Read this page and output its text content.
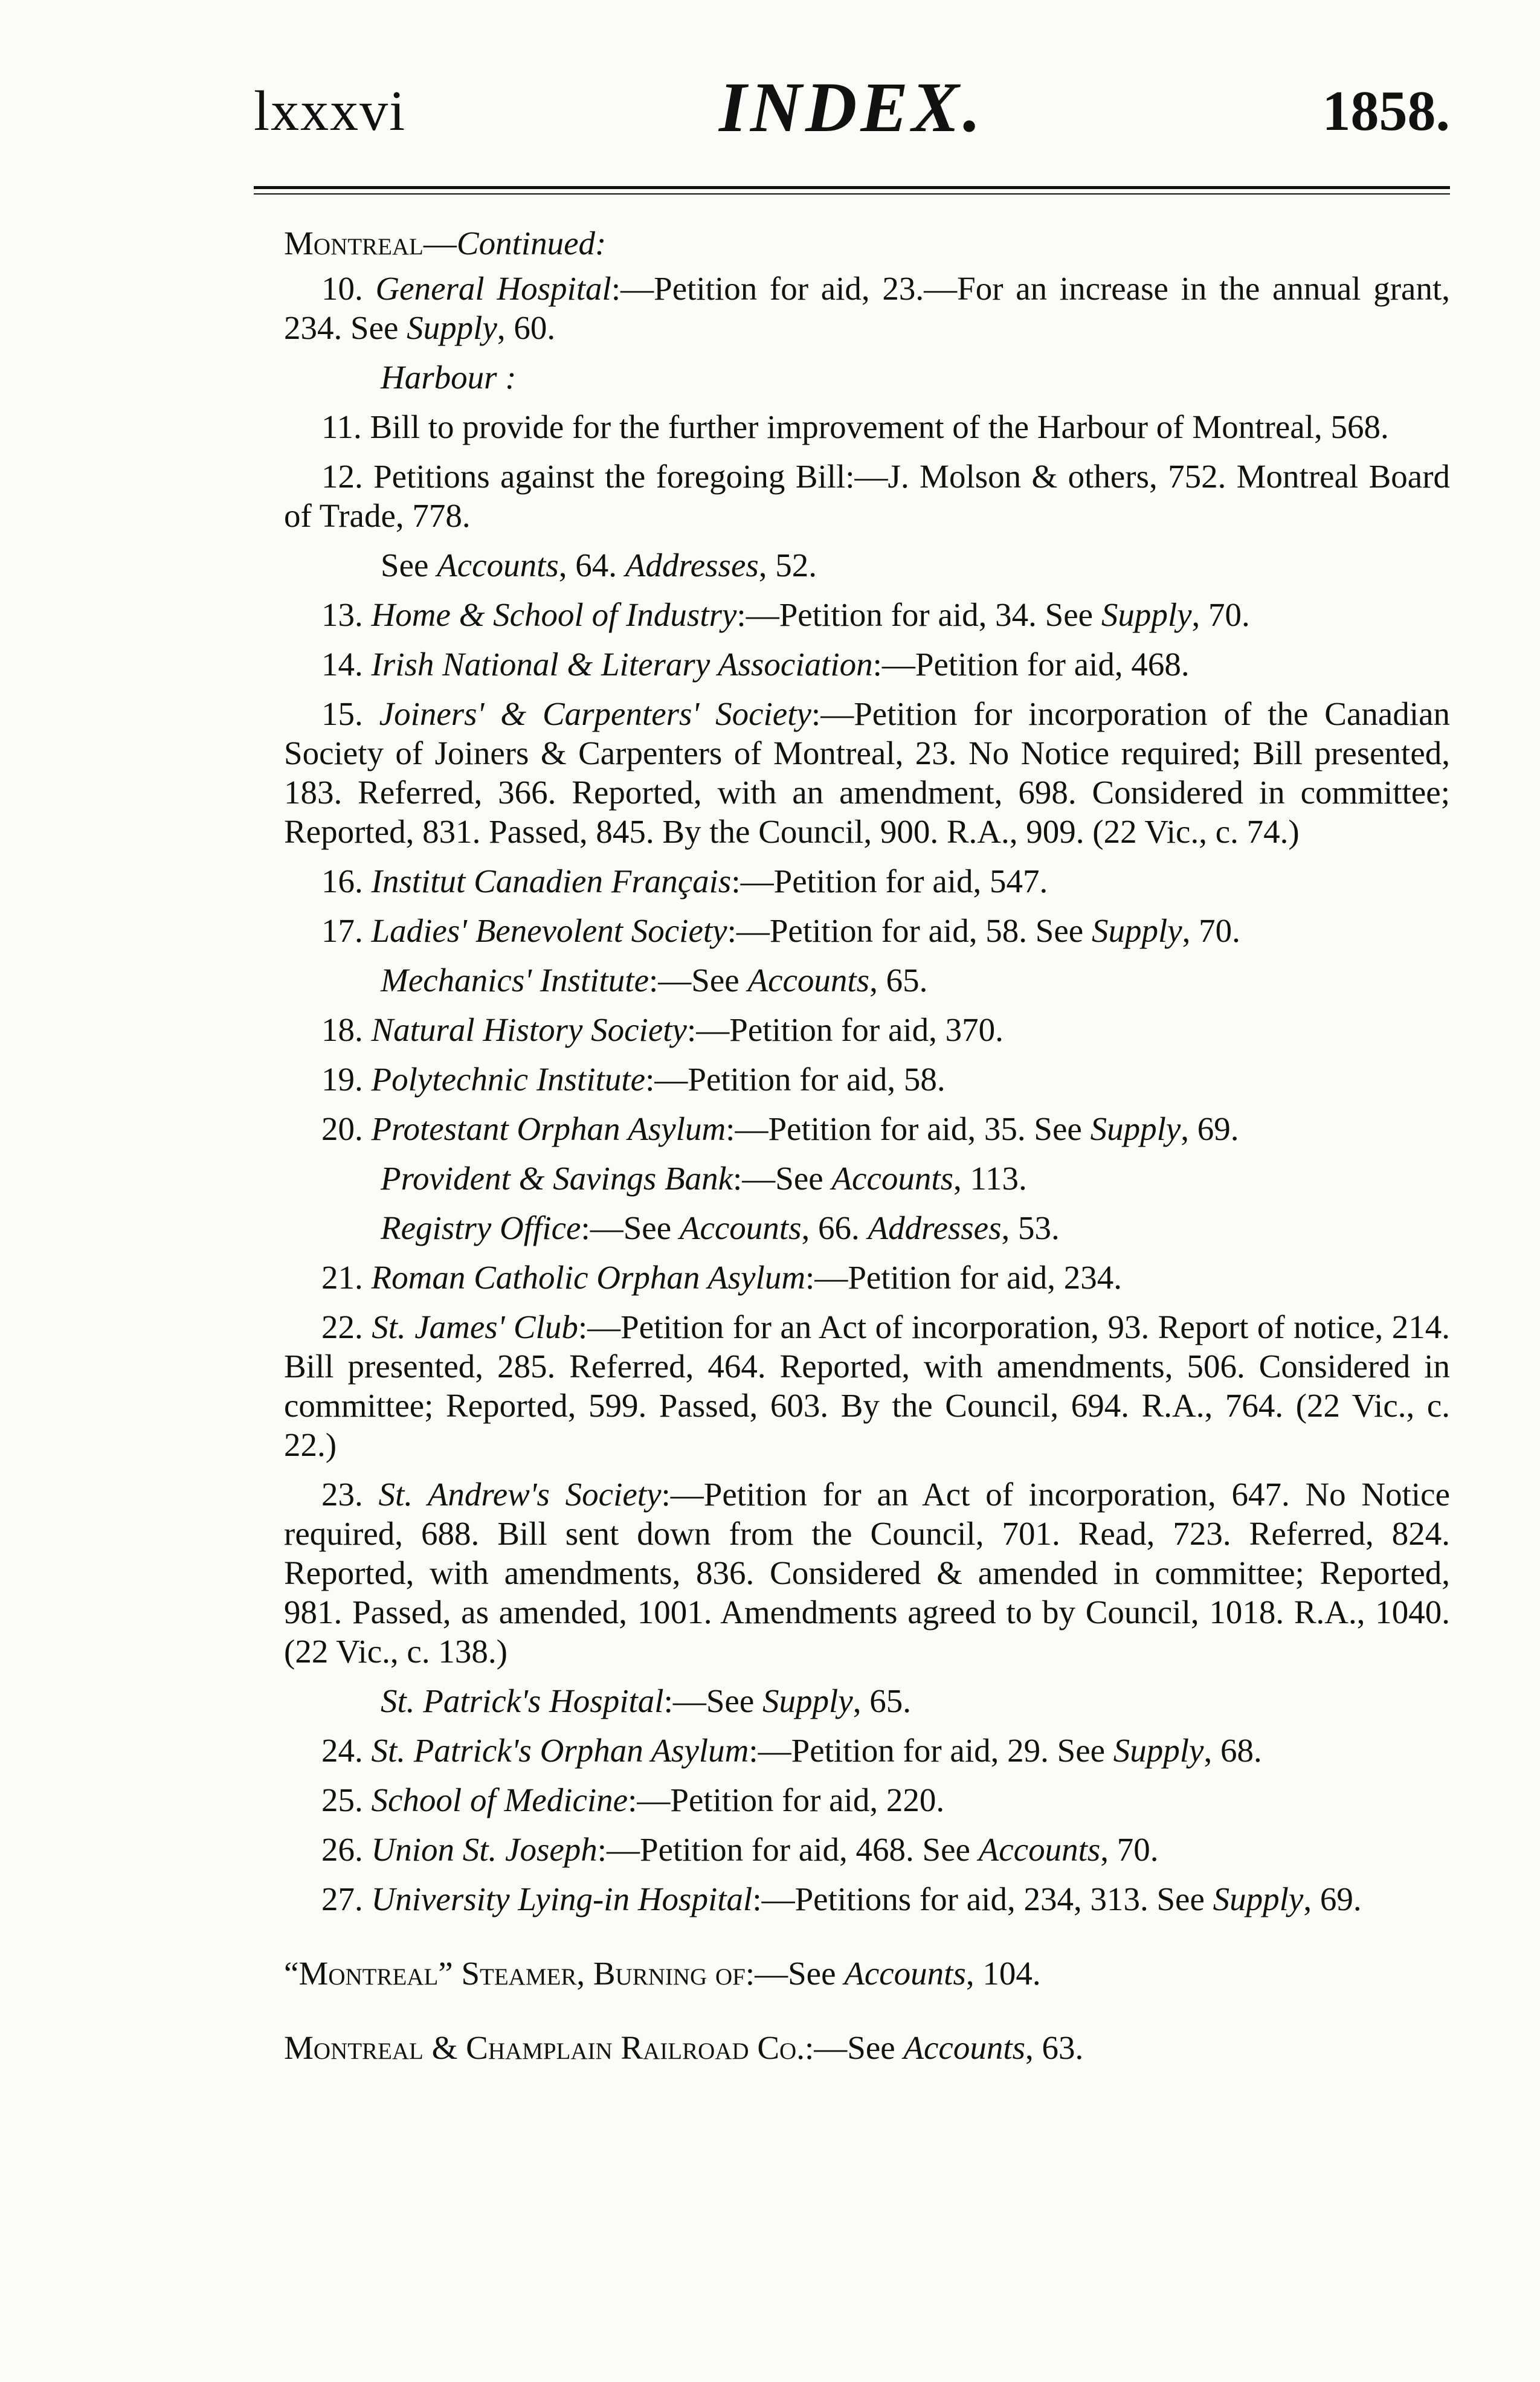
lxxxvi	INDEX.	1858.

Montreal—Continued:

10. General Hospital:—Petition for aid, 23.—For an increase in the annual grant, 234. See Supply, 60.

Harbour :

11. Bill to provide for the further improvement of the Harbour of Montreal, 568.

12. Petitions against the foregoing Bill:—J. Molson & others, 752. Montreal Board of Trade, 778.

See Accounts, 64. Addresses, 52.

13. Home & School of Industry:—Petition for aid, 34. See Supply, 70.

14. Irish National & Literary Association:—Petition for aid, 468.

15. Joiners' & Carpenters' Society:—Petition for incorporation of the Canadian Society of Joiners & Carpenters of Montreal, 23. No Notice required; Bill presented, 183. Referred, 366. Reported, with an amendment, 698. Considered in committee; Reported, 831. Passed, 845. By the Council, 900. R.A., 909. (22 Vic., c. 74.)

16. Institut Canadien Français:—Petition for aid, 547.

17. Ladies' Benevolent Society:—Petition for aid, 58. See Supply, 70.

Mechanics' Institute:—See Accounts, 65.

18. Natural History Society:—Petition for aid, 370.

19. Polytechnic Institute:—Petition for aid, 58.

20. Protestant Orphan Asylum:—Petition for aid, 35. See Supply, 69.

Provident & Savings Bank:—See Accounts, 113.

Registry Office:—See Accounts, 66. Addresses, 53.

21. Roman Catholic Orphan Asylum:—Petition for aid, 234.

22. St. James' Club:—Petition for an Act of incorporation, 93. Report of notice, 214. Bill presented, 285. Referred, 464. Reported, with amendments, 506. Considered in committee; Reported, 599. Passed, 603. By the Council, 694. R.A., 764. (22 Vic., c. 22.)

23. St. Andrew's Society:—Petition for an Act of incorporation, 647. No Notice required, 688. Bill sent down from the Council, 701. Read, 723. Referred, 824. Reported, with amendments, 836. Considered & amended in committee; Reported, 981. Passed, as amended, 1001. Amendments agreed to by Council, 1018. R.A., 1040. (22 Vic., c. 138.)

St. Patrick's Hospital:—See Supply, 65.

24. St. Patrick's Orphan Asylum:—Petition for aid, 29. See Supply, 68.

25. School of Medicine:—Petition for aid, 220.

26. Union St. Joseph:—Petition for aid, 468. See Accounts, 70.

27. University Lying-in Hospital:—Petitions for aid, 234, 313. See Supply, 69.

“Montreal” Steamer, Burning of:—See Accounts, 104.

Montreal & Champlain Railroad Co.:—See Accounts, 63.
